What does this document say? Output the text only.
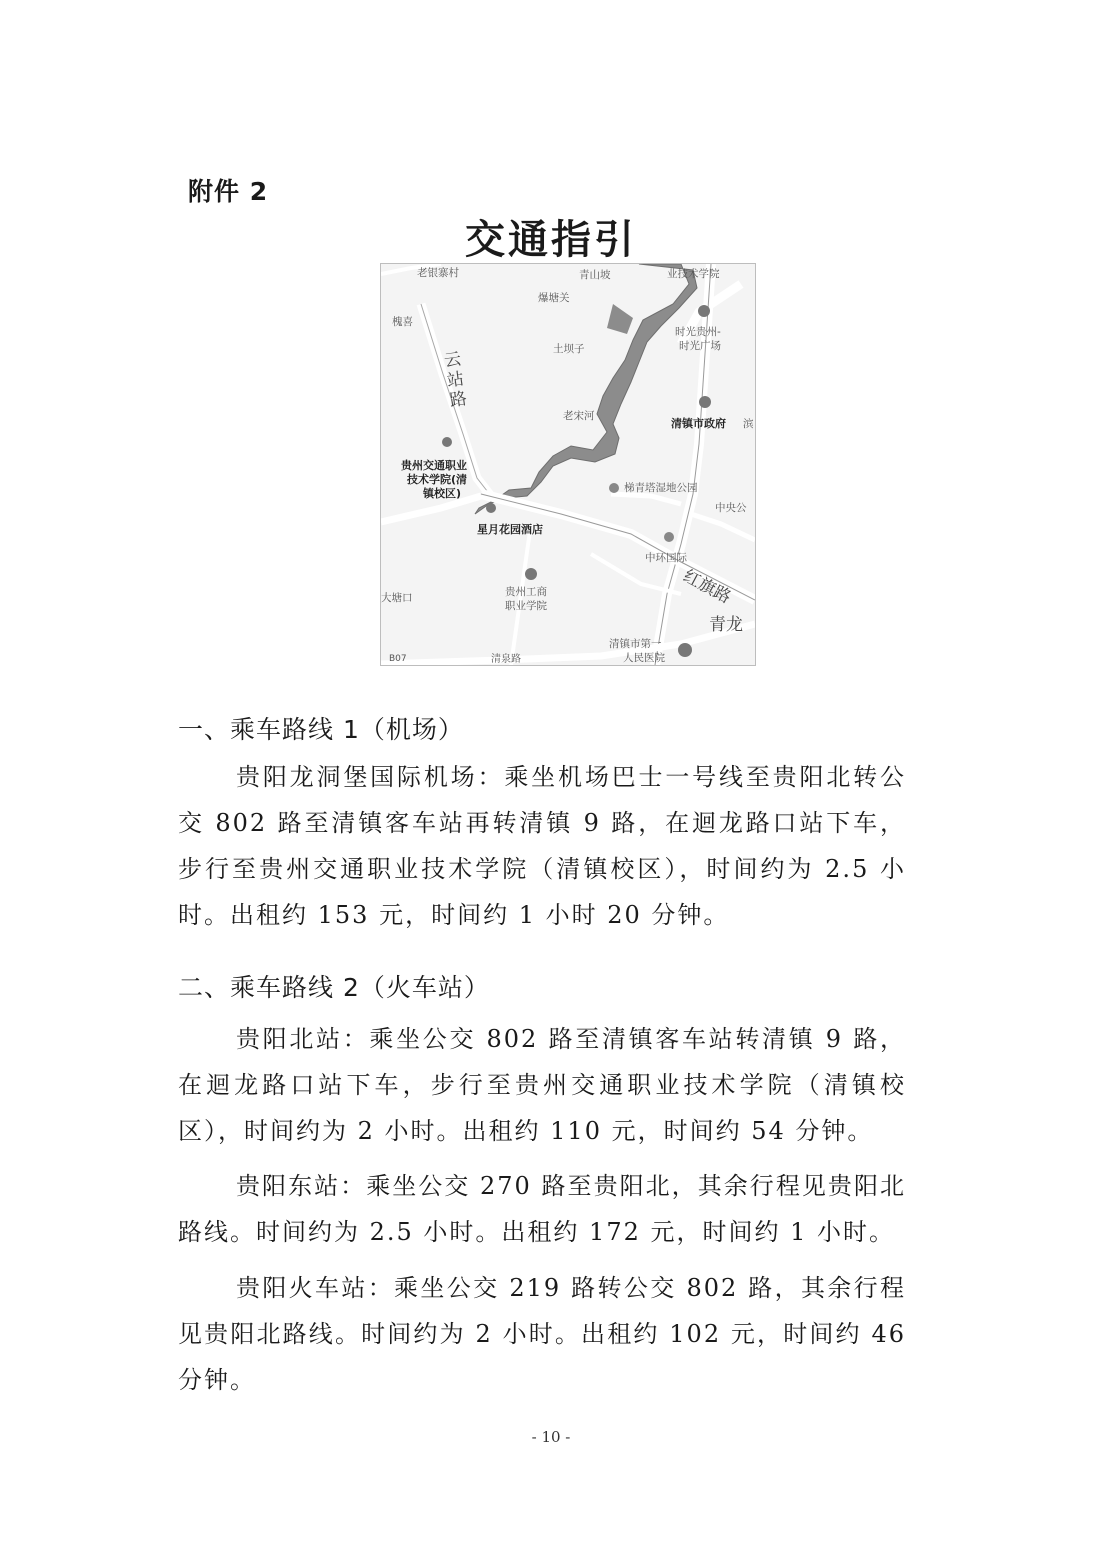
附件 2
交通指引
老银寨村	青山坡	业技术学院
爆塘关
槐喜
土坝子
时光贵州-
时光广场
云站路
老宋河
清镇市政府 滨
贵州交通职业
技术学院(清
镇校区)	梯青塔湿地公园
中央公
星月花园酒店
中环国际
红旗路
大塘口	贵州工商
职业学院
青龙
清镇市第一
人民医院
B07	清泉路
一、乘车路线 1（机场）
贵阳龙洞堡国际机场：乘坐机场巴士一号线至贵阳北转公交 802 路至清镇客车站再转清镇 9 路，在迴龙路口站下车，步行至贵州交通职业技术学院（清镇校区），时间约为 2.5 小时。出租约 153 元，时间约 1 小时 20 分钟。
二、乘车路线 2（火车站）
贵阳北站：乘坐公交 802 路至清镇客车站转清镇 9 路，在迴龙路口站下车，步行至贵州交通职业技术学院（清镇校区），时间约为 2 小时。出租约 110 元，时间约 54 分钟。
贵阳东站：乘坐公交 270 路至贵阳北，其余行程见贵阳北路线。时间约为 2.5 小时。出租约 172 元，时间约 1 小时。
贵阳火车站：乘坐公交 219 路转公交 802 路，其余行程见贵阳北路线。时间约为 2 小时。出租约 102 元，时间约 46 分钟。
- 10 -
